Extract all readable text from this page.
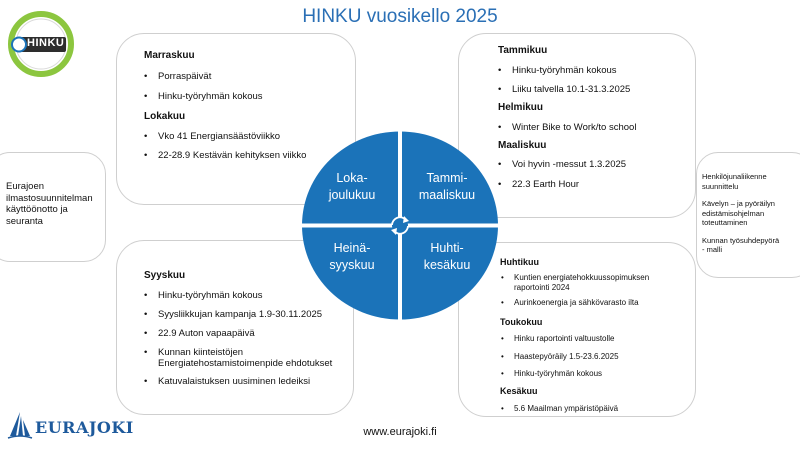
HINKU vuosikello 2025
HINKU
Loka-
joulukuu
Tammi-
maaliskuu
Heinä-
syyskuu
Huhti-
kesäkuu
Marraskuu
• Porraspäivät
• Hinku-työryhmän kokous
Lokakuu
• Vko 41 Energiansäästöviikko
• 22-28.9 Kestävän kehityksen viikko
Tammikuu
• Hinku-työryhmän kokous
• Liiku talvella 10.1-31.3.2025
Helmikuu
• Winter Bike to Work/to school
Maaliskuu
• Voi hyvin -messut 1.3.2025
• 22.3 Earth Hour
Syyskuu
• Hinku-työryhmän kokous
• Syysliikkujan kampanja 1.9-30.11.2025
• 22.9 Auton vapaapäivä
• Kunnan kiinteistöjen
Energiatehostamistoimenpide ehdotukset
• Katuvalaistuksen uusiminen ledeiksi
Huhtikuu
• Kuntien energiatehokkuussopimuksen
raportointi 2024
• Aurinkoenergia ja sähkövarasto ilta
Toukokuu
• Hinku raportointi valtuustolle
• Haastepyöräily 1.5-23.6.2025
• Hinku-työryhmän kokous
Kesäkuu
• 5.6 Maailman ympäristöpäivä
Eurajoen
ilmastosuunnitelman
käyttöönotto ja
seuranta
Henkilöjunaliikenne
suunnittelu
Kävelyn – ja pyöräilyn
edistämisohjelman
toteuttaminen
Kunnan työsuhdepyörä
- malli
EURAJOKI	www.eurajoki.fi
